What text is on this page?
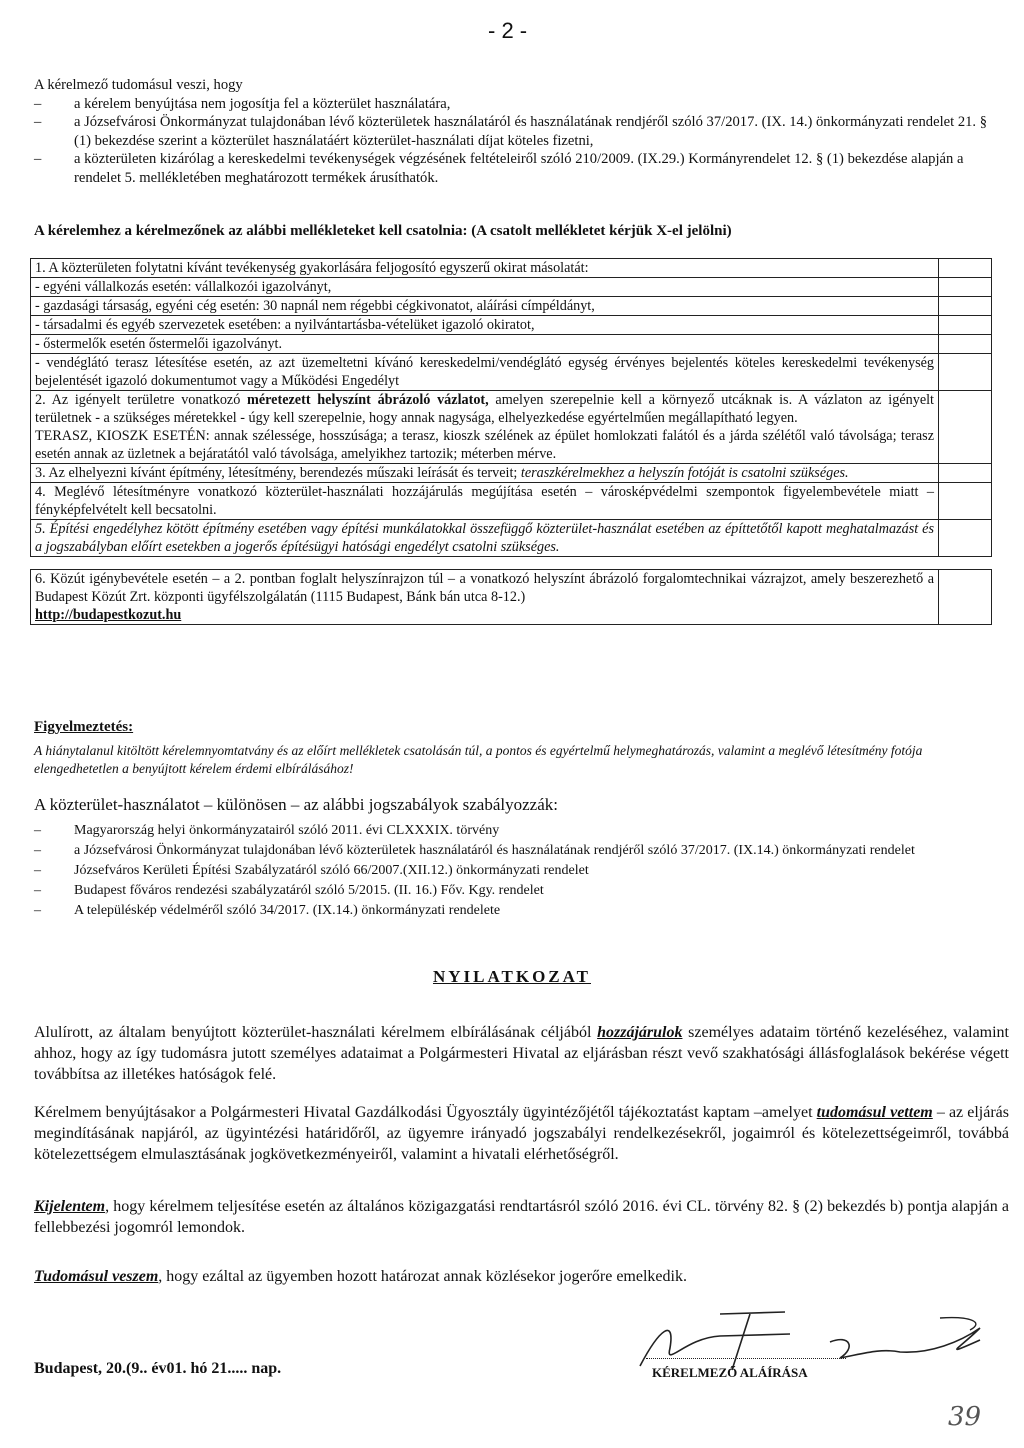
- 2 -

A kérelmező tudomásul veszi, hogy

–	a kérelem benyújtása nem jogosítja fel a közterület használatára,
–	a Józsefvárosi Önkormányzat tulajdonában lévő közterületek használatáról és használatának rendjéről szóló 37/2017. (IX. 14.) önkormányzati rendelet 21. § (1) bekezdése szerint a közterület használatáért közterület-használati díjat köteles fizetni,
–	a közterületen kizárólag a kereskedelmi tevékenységek végzésének feltételeiről szóló 210/2009. (IX.29.) Kormányrendelet 12. § (1) bekezdése alapján a rendelet 5. mellékletében meghatározott termékek árusíthatók.
A kérelemhez a kérelmezőnek az alábbi mellékleteket kell csatolnia: (A csatolt mellékletet kérjük X-el jelölni)
1. A közterületen folytatni kívánt tevékenység gyakorlására feljogosító egyszerű okirat másolatát:	
- egyéni vállalkozás esetén: vállalkozói igazolványt,	
- gazdasági társaság, egyéni cég esetén: 30 napnál nem régebbi cégkivonatot, aláírási címpéldányt,	
- társadalmi és egyéb szervezetek esetében: a nyilvántartásba-vételüket igazoló okiratot,	
- őstermelők esetén őstermelői igazolványt.	
- vendéglátó terasz létesítése esetén, az azt üzemeltetni kívánó kereskedelmi/vendéglátó egység érvényes bejelentés köteles kereskedelmi tevékenység bejelentését igazoló dokumentumot vagy a Működési Engedélyt	
2. Az igényelt területre vonatkozó méretezett helyszínt ábrázoló vázlatot, amelyen szerepelnie kell a környező utcáknak is. A vázlaton az igényelt területnek - a szükséges méretekkel - úgy kell szerepelnie, hogy annak nagysága, elhelyezkedése egyértelműen megállapítható legyen.
TERASZ, KIOSZK ESETÉN: annak szélessége, hosszúsága; a terasz, kioszk szélének az épület homlokzati falától és a járda szélétől való távolsága; terasz esetén annak az üzletnek a bejáratától való távolsága, amelyikhez tartozik; méterben mérve.	
3. Az elhelyezni kívánt építmény, létesítmény, berendezés műszaki leírását és terveit; teraszkérelmekhez a helyszín fotóját is csatolni szükséges.	
4. Meglévő létesítményre vonatkozó közterület-használati hozzájárulás megújítása esetén – városképvédelmi szempontok figyelembevétele miatt – fényképfelvételt kell becsatolni.	
5. Építési engedélyhez kötött építmény esetében vagy építési munkálatokkal összefüggő közterület-használat esetében az építtetőtől kapott meghatalmazást és a jogszabályban előírt esetekben a jogerős építésügyi hatósági engedélyt csatolni szükséges.	

6. Közút igénybevétele esetén – a 2. pontban foglalt helyszínrajzon túl – a vonatkozó helyszínt ábrázoló forgalomtechnikai vázrajzot, amely beszerezhető a Budapest Közút Zrt. központi ügyfélszolgálatán (1115 Budapest, Bánk bán utca 8-12.)
http://budapestkozut.hu	
Figyelmeztetés:
A hiánytalanul kitöltött kérelemnyomtatvány és az előírt mellékletek csatolásán túl, a pontos és egyértelmű helymeghatározás, valamint a meglévő létesítmény fotója elengedhetetlen a benyújtott kérelem érdemi elbírálásához!
A közterület-használatot – különösen – az alábbi jogszabályok szabályozzák:
–	Magyarország helyi önkormányzatairól szóló 2011. évi CLXXXIX. törvény
–	a Józsefvárosi Önkormányzat tulajdonában lévő közterületek használatáról és használatának rendjéről szóló 37/2017. (IX.14.) önkormányzati rendelet
–	Józsefváros Kerületi Építési Szabályzatáról szóló 66/2007.(XII.12.) önkormányzati rendelet
–	Budapest főváros rendezési szabályzatáról szóló 5/2015. (II. 16.) Főv. Kgy. rendelet
–	A településkép védelméről szóló 34/2017. (IX.14.) önkormányzati rendelete
NYILATKOZAT

Alulírott, az általam benyújtott közterület-használati kérelmem elbírálásának céljából hozzájárulok személyes adataim történő kezeléséhez, valamint ahhoz, hogy az így tudomásra jutott személyes adataimat a Polgármesteri Hivatal az eljárásban részt vevő szakhatósági állásfoglalások bekérése végett továbbítsa az illetékes hatóságok felé.

Kérelmem benyújtásakor a Polgármesteri Hivatal Gazdálkodási Ügyosztály ügyintézőjétől tájékoztatást kaptam –amelyet tudomásul vettem – az eljárás megindításának napjáról, az ügyintézési határidőről, az ügyemre irányadó jogszabályi rendelkezésekről, jogaimról és kötelezettségeimről, továbbá kötelezettségem elmulasztásának jogkövetkezményeiről, valamint a hivatali elérhetőségről.

Kijelentem, hogy kérelmem teljesítése esetén az általános közigazgatási rendtartásról szóló 2016. évi CL. törvény 82. § (2) bekezdés b) pontja alapján a fellebbezési jogomról lemondok.

Tudomásul veszem, hogy ezáltal az ügyemben hozott határozat annak közlésekor jogerőre emelkedik.

Budapest, 20.(9.. év01. hó 21..... nap.	KÉRELMEZŐ ALÁÍRÁSA
39
